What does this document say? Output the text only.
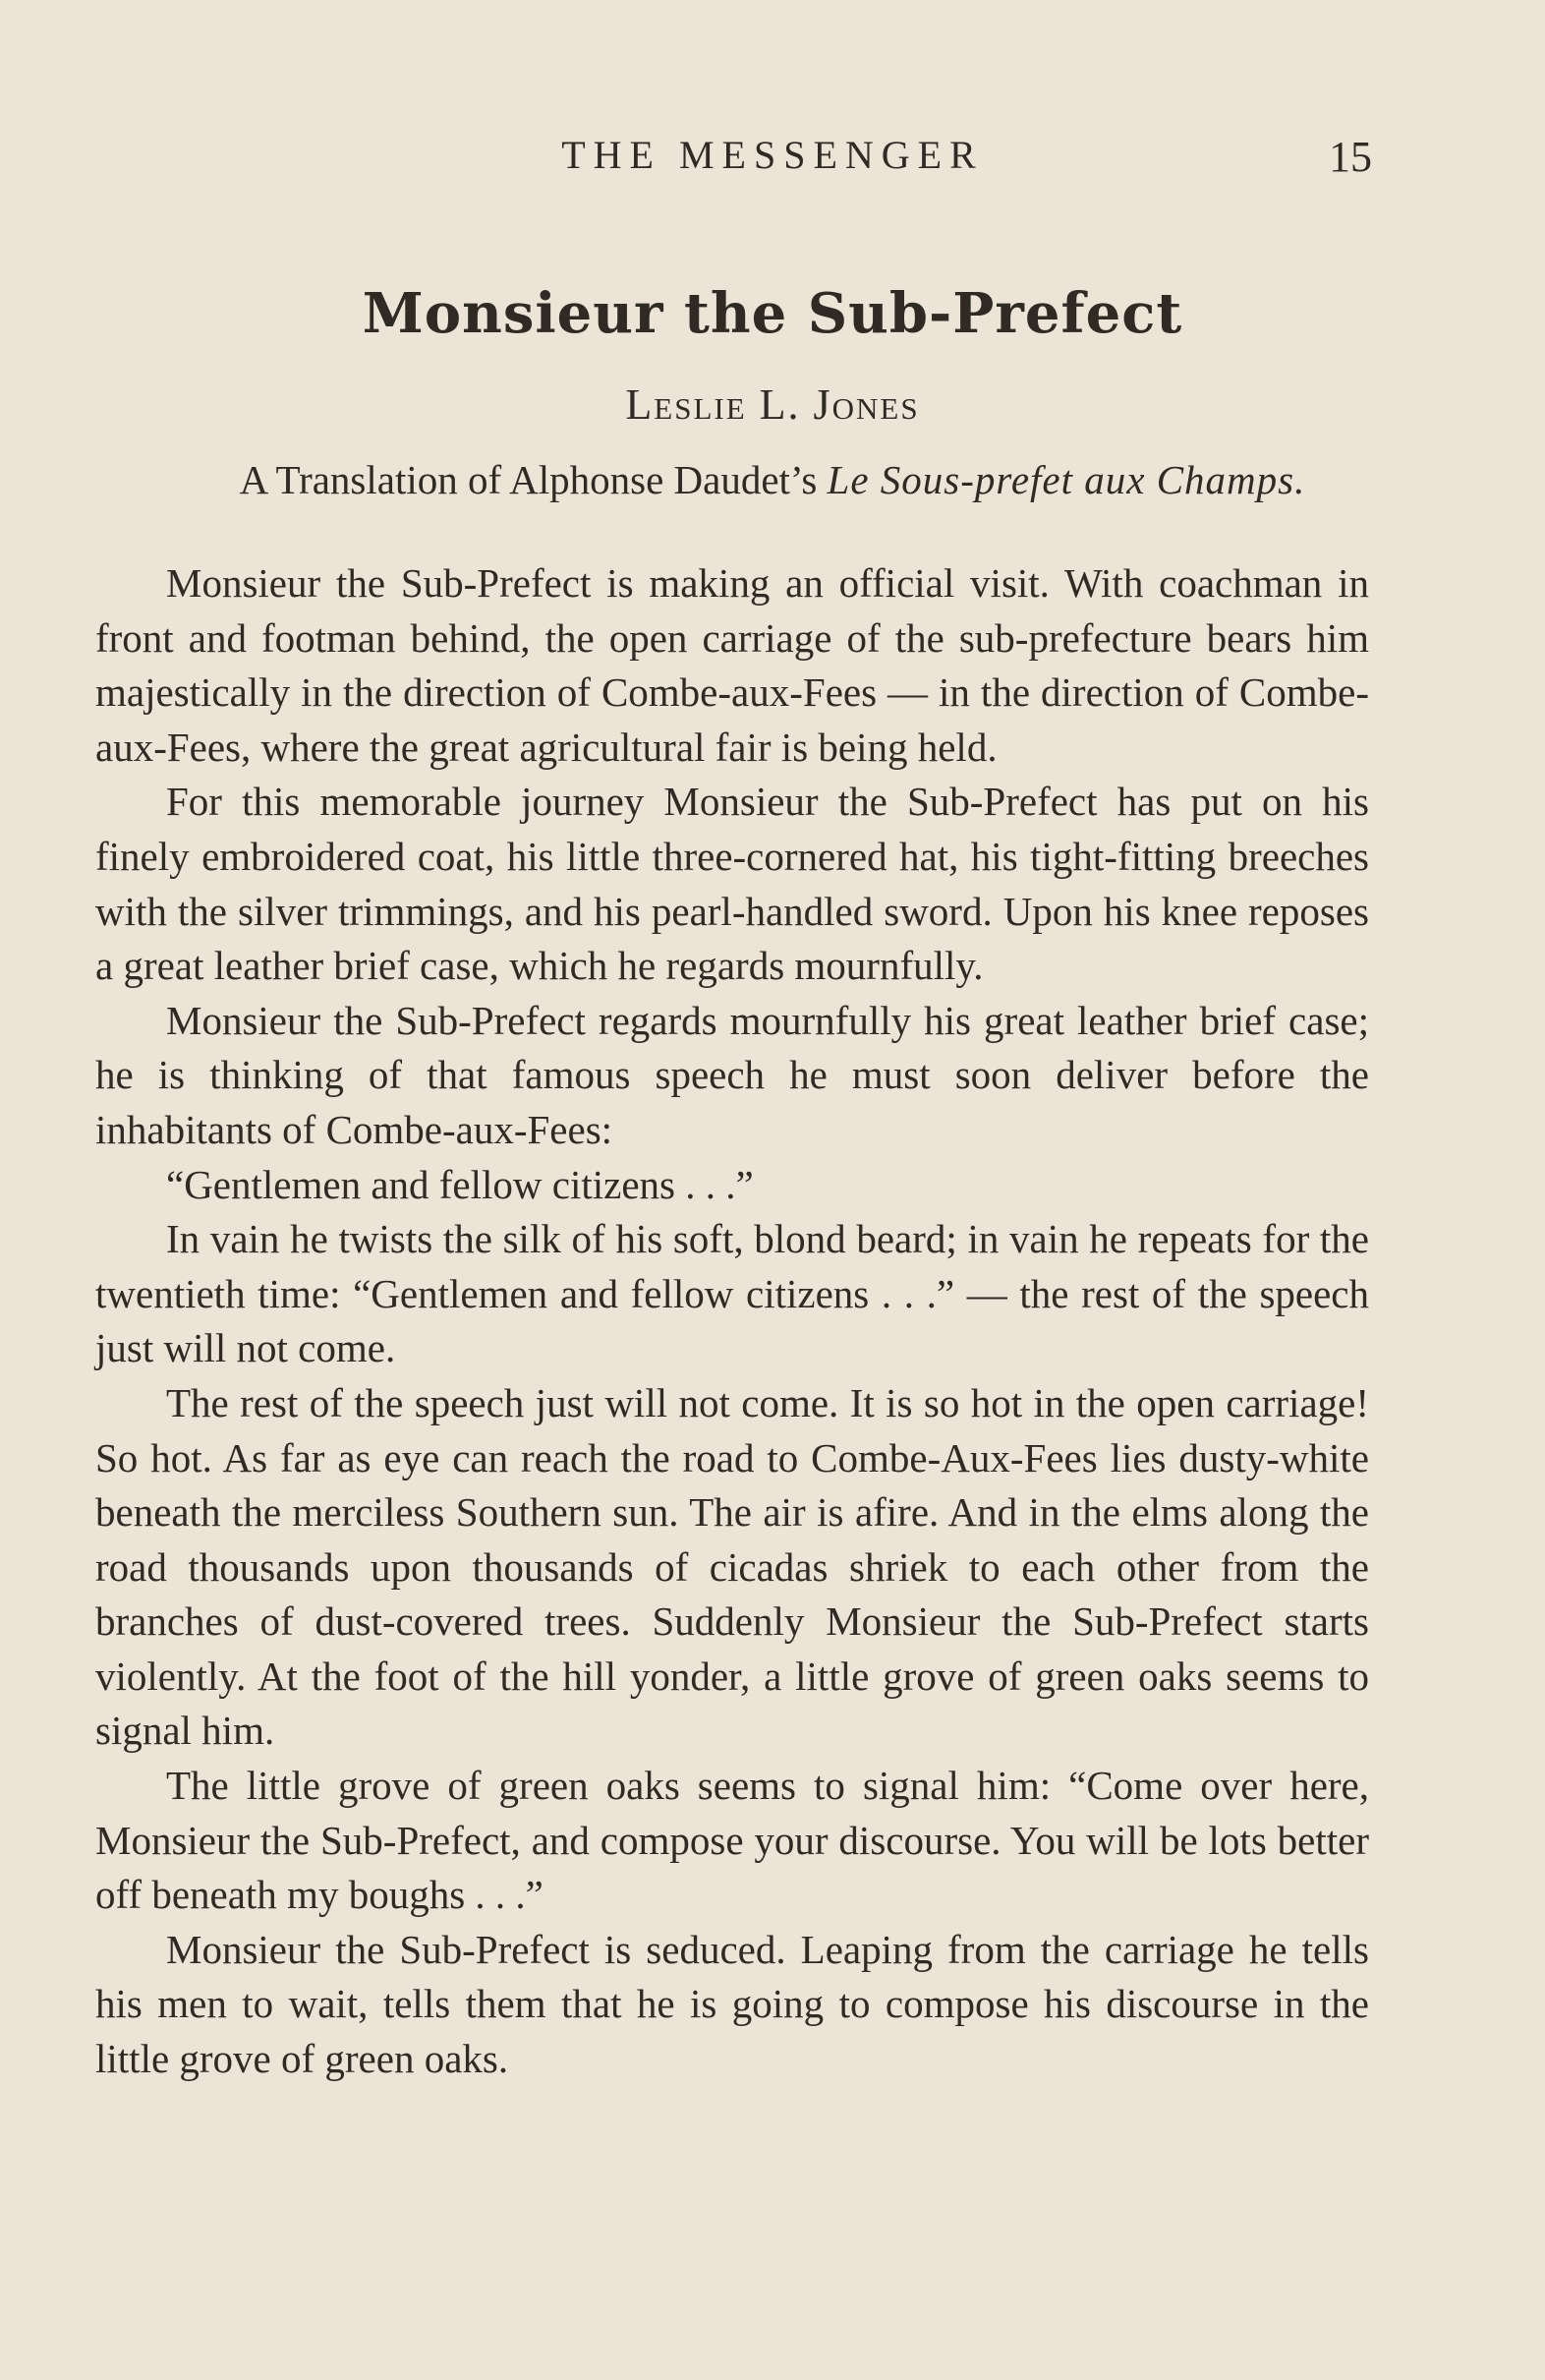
THE MESSENGER	15
Monsieur the Sub-Prefect
Leslie L. Jones
A Translation of Alphonse Daudet’s Le Sous-prefet aux Champs.

Monsieur the Sub-Prefect is making an official visit. With coachman in front and footman behind, the open carriage of the sub-prefecture bears him majestically in the direction of Combe-aux-Fees — in the direction of Combe-aux-Fees, where the great agricultural fair is being held.

For this memorable journey Monsieur the Sub-Prefect has put on his finely embroidered coat, his little three-cornered hat, his tight-fitting breeches with the silver trimmings, and his pearl-handled sword. Upon his knee reposes a great leather brief case, which he regards mournfully.

Monsieur the Sub-Prefect regards mournfully his great leather brief case; he is thinking of that famous speech he must soon deliver before the inhabitants of Combe-aux-Fees:

“Gentlemen and fellow citizens . . .”

In vain he twists the silk of his soft, blond beard; in vain he repeats for the twentieth time: “Gentlemen and fellow citizens . . .” — the rest of the speech just will not come.

The rest of the speech just will not come. It is so hot in the open carriage! So hot. As far as eye can reach the road to Combe-Aux-Fees lies dusty-white beneath the merciless Southern sun. The air is afire. And in the elms along the road thousands upon thousands of cicadas shriek to each other from the branches of dust-covered trees. Suddenly Monsieur the Sub-Prefect starts violently. At the foot of the hill yonder, a little grove of green oaks seems to signal him.

The little grove of green oaks seems to signal him: “Come over here, Monsieur the Sub-Prefect, and compose your discourse. You will be lots better off beneath my boughs . . .”

Monsieur the Sub-Prefect is seduced. Leaping from the carriage he tells his men to wait, tells them that he is going to compose his discourse in the little grove of green oaks.
